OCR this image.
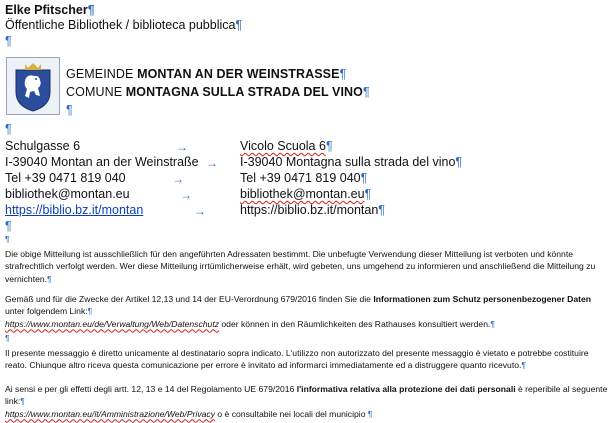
Elke Pfitscher¶
Öffentliche Bibliothek / biblioteca pubblica¶
¶
GEMEINDE MONTAN AN DER WEINSTRASSE¶
COMUNE MONTAGNA SULLA STRADA DEL VINO¶
¶
¶
Schulgasse 6	→	Vicolo Scuola 6¶
I-39040 Montan an der Weinstraße → I-39040 Montagna sulla strada del vino¶
Tel +39 0471 819 040	→	Tel +39 0471 819 040¶
bibliothek@montan.eu	→	bibliothek@montan.eu¶
https://biblio.bz.it/montan	→	https://biblio.bz.it/montan¶
¶
¶
Die obige Mitteilung ist ausschließlich für den angeführten Adressaten bestimmt. Die unbefugte Verwendung dieser Mitteilung ist verboten und könnte strafrechtlich verfolgt werden. Wer diese Mitteilung irrtümlicherweise erhält, wird gebeten, uns umgehend zu informieren und anschließend die Mitteilung zu vernichten.¶
Gemäß und für die Zwecke der Artikel 12,13 und 14 der EU-Verordnung 679/2016 finden Sie die Informationen zum Schutz personenbezogener Daten unter folgendem Link:¶
https://www.montan.eu/de/Verwaltung/Web/Datenschutz oder können in den Räumlichkeiten des Rathauses konsultiert werden.¶
¶
Il presente messaggio è diretto unicamente al destinatario sopra indicato. L'utilizzo non autorizzato del presente messaggio è vietato e potrebbe costituire reato. Chiunque altro riceva questa comunicazione per errore è invitato ad informarci immediatamente ed a distruggere quanto ricevuto.¶
Ai sensi e per gli effetti degli artt. 12, 13 e 14 del Regolamento UE 679/2016 l'informativa relativa alla protezione dei dati personali è reperibile al seguente link:¶
https://www.montan.eu/it/Amministrazione/Web/Privacy o è consultabile nei locali del municipio ¶
